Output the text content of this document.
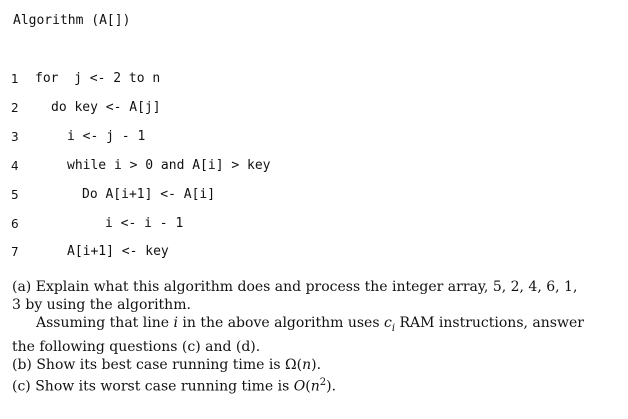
Algorithm (A[])
1 for  j <- 2 to n
2 do key <- A[j]
3	i <- j - 1
4	while i > 0 and A[i] > key
5	Do A[i+1] <- A[i]
6	i <- i - 1
7	A[i+1] <- key

(a) Explain what this algorithm does and process the integer array, 5, 2, 4, 6, 1, 3 by using the algorithm.

Assuming that line i in the above algorithm uses $c_i$ RAM instructions, answer the following questions (c) and (d).

(b) Show its best case running time is Ω(n).

(c) Show its worst case running time is $O(n^2)$.
